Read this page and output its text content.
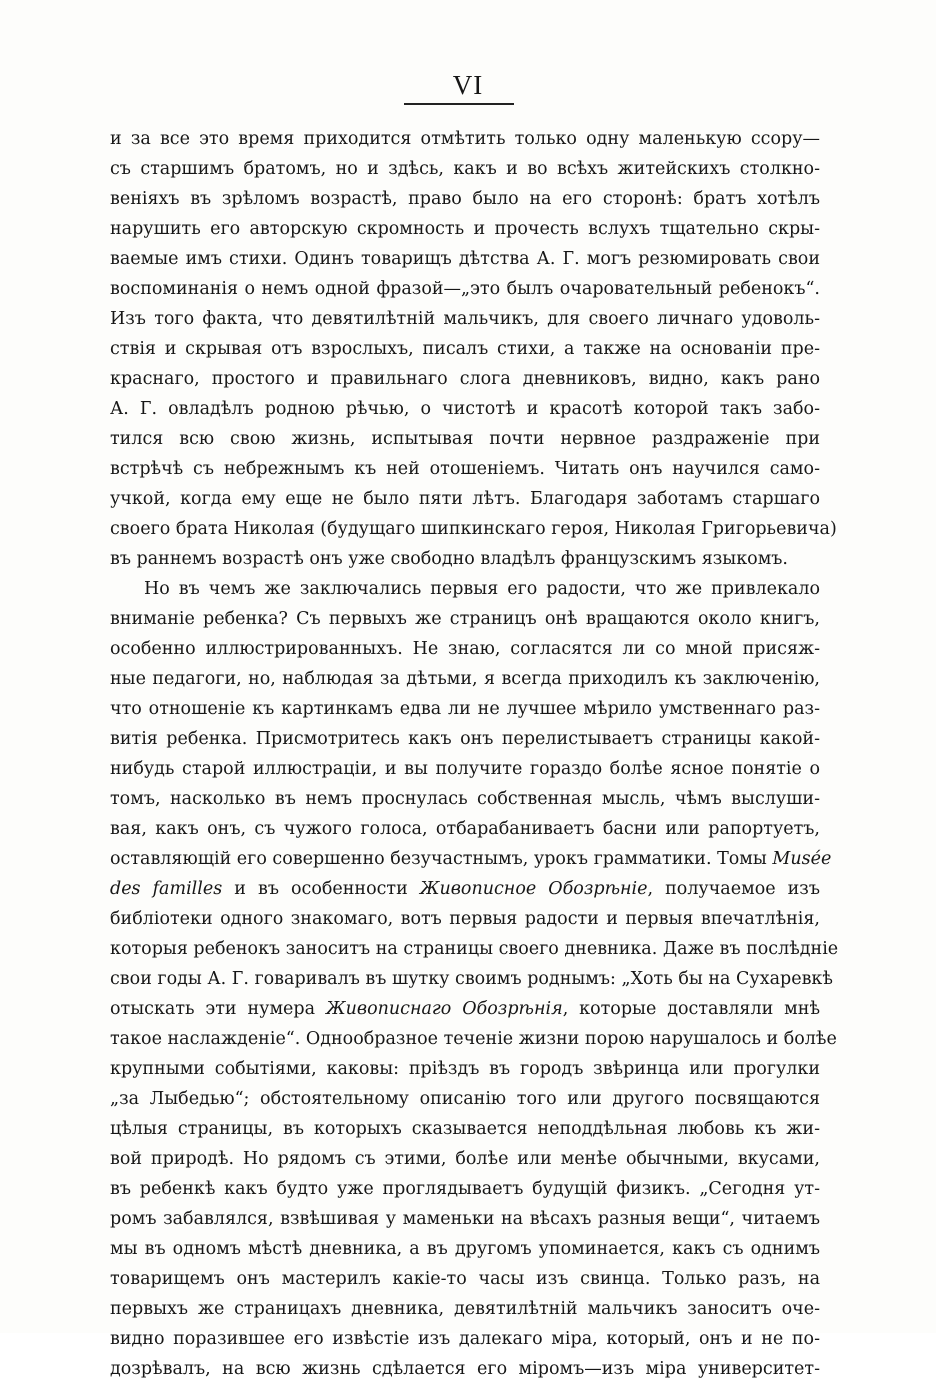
VI
и за все это время приходится отмѣтить только одну маленькую ссору—
съ старшимъ братомъ, но и здѣсь, какъ и во всѣхъ житейскихъ столкно-
веніяхъ въ зрѣломъ возрастѣ, право было на его сторонѣ: братъ хотѣлъ
нарушить его авторскую скромность и прочесть вслухъ тщательно скры-
ваемые имъ стихи. Одинъ товарищъ дѣтства А. Г. могъ резюмировать свои
воспоминанія о немъ одной фразой—„это былъ очаровательный ребенокъ“.
Изъ того факта, что девятилѣтній мальчикъ, для своего личнаго удоволь-
ствія и скрывая отъ взрослыхъ, писалъ стихи, а также на основаніи пре-
краснаго, простого и правильнаго слога дневниковъ, видно, какъ рано
А. Г. овладѣлъ родною рѣчью, о чистотѣ и красотѣ которой такъ забо-
тился всю свою жизнь, испытывая почти нервное раздраженіе при
встрѣчѣ съ небрежнымъ къ ней отошеніемъ. Читать онъ научился само-
учкой, когда ему еще не было пяти лѣтъ. Благодаря заботамъ старшаго
своего брата Николая (будущаго шипкинскаго героя, Николая Григорьевича)
въ раннемъ возрастѣ онъ уже свободно владѣлъ французскимъ языкомъ.
Но въ чемъ же заключались первыя его радости, что же привлекало
вниманіе ребенка? Съ первыхъ же страницъ онѣ вращаются около книгъ,
особенно иллюстрированныхъ. Не знаю, согласятся ли со мной присяж-
ные педагоги, но, наблюдая за дѣтьми, я всегда приходилъ къ заключенію,
что отношеніе къ картинкамъ едва ли не лучшее мѣрило умственнаго раз-
витія ребенка. Присмотритесь какъ онъ перелистываетъ страницы какой-
нибудь старой иллюстраціи, и вы получите гораздо болѣе ясное понятіе о
томъ, насколько въ немъ проснулась собственная мысль, чѣмъ выслуши-
вая, какъ онъ, съ чужого голоса, отбарабаниваетъ басни или рапортуетъ,
оставляющій его совершенно безучастнымъ, урокъ грамматики. Томы Musée
des familles и въ особенности Живописное Обозрѣніе, получаемое изъ
библіотеки одного знакомаго, вотъ первыя радости и первыя впечатлѣнія,
которыя ребенокъ заноситъ на страницы своего дневника. Даже въ послѣдніе
свои годы А. Г. говаривалъ въ шутку своимъ роднымъ: „Хоть бы на Сухаревкѣ
отыскать эти нумера Живописнаго Обозрѣнія, которые доставляли мнѣ
такое наслажденіе“. Однообразное теченіе жизни порою нарушалось и болѣе
крупными событіями, каковы: пріѣздъ въ городъ звѣринца или прогулки
„за Лыбедью“; обстоятельному описанію того или другого посвящаются
цѣлыя страницы, въ которыхъ сказывается неподдѣльная любовь къ жи-
вой природѣ. Но рядомъ съ этими, болѣе или менѣе обычными, вкусами,
въ ребенкѣ какъ будто уже проглядываетъ будущій физикъ. „Сегодня ут-
ромъ забавлялся, взвѣшивая у маменьки на вѣсахъ разныя вещи“, читаемъ
мы въ одномъ мѣстѣ дневника, а въ другомъ упоминается, какъ съ однимъ
товарищемъ онъ мастерилъ какіе-то часы изъ свинца. Только разъ, на
первыхъ же страницахъ дневника, девятилѣтній мальчикъ заноситъ оче-
видно поразившее его извѣстіе изъ далекаго міра, который, онъ и не по-
дозрѣвалъ, на всю жизнь сдѣлается его міромъ—изъ міра университет-
